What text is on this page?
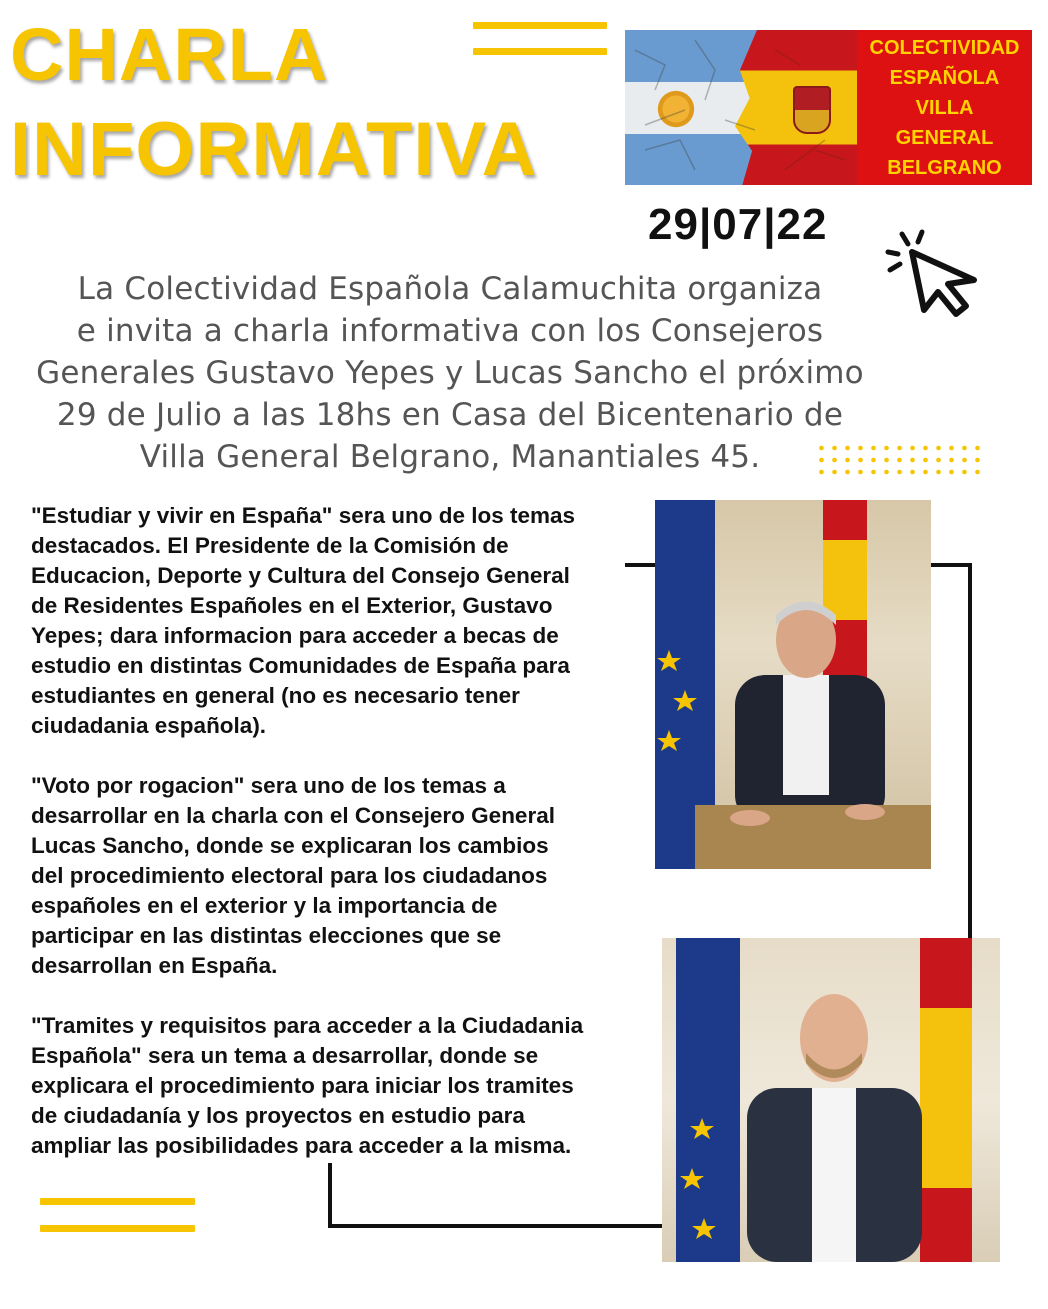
CHARLA
INFORMATIVA
COLECTIVIDAD
ESPAÑOLA
VILLA
GENERAL
BELGRANO
29|07|22
La Colectividad Española Calamuchita organiza
e invita a charla informativa con los Consejeros
Generales Gustavo Yepes y Lucas Sancho el próximo
29 de Julio a las 18hs en Casa del Bicentenario de
Villa General Belgrano, Manantiales 45.
"Estudiar y vivir en España" sera uno de los temas
destacados. El Presidente de la Comisión de
Educacion, Deporte y Cultura del Consejo General
de Residentes Españoles en el Exterior, Gustavo
Yepes; dara informacion para acceder a becas de
estudio en distintas Comunidades de España para
estudiantes en general (no es necesario tener
ciudadania española).
"Voto por rogacion" sera uno de los temas a
desarrollar en la charla con el Consejero General
Lucas Sancho, donde se explicaran los cambios
del procedimiento electoral para los ciudadanos
españoles en el exterior y la importancia de
participar en las distintas elecciones que se
desarrollan en España.
"Tramites y requisitos para acceder a la Ciudadania
Española" sera un tema a desarrollar, donde se
explicara el procedimiento para iniciar los tramites
de ciudadanía y los proyectos en estudio para
ampliar las posibilidades para acceder a la misma.
